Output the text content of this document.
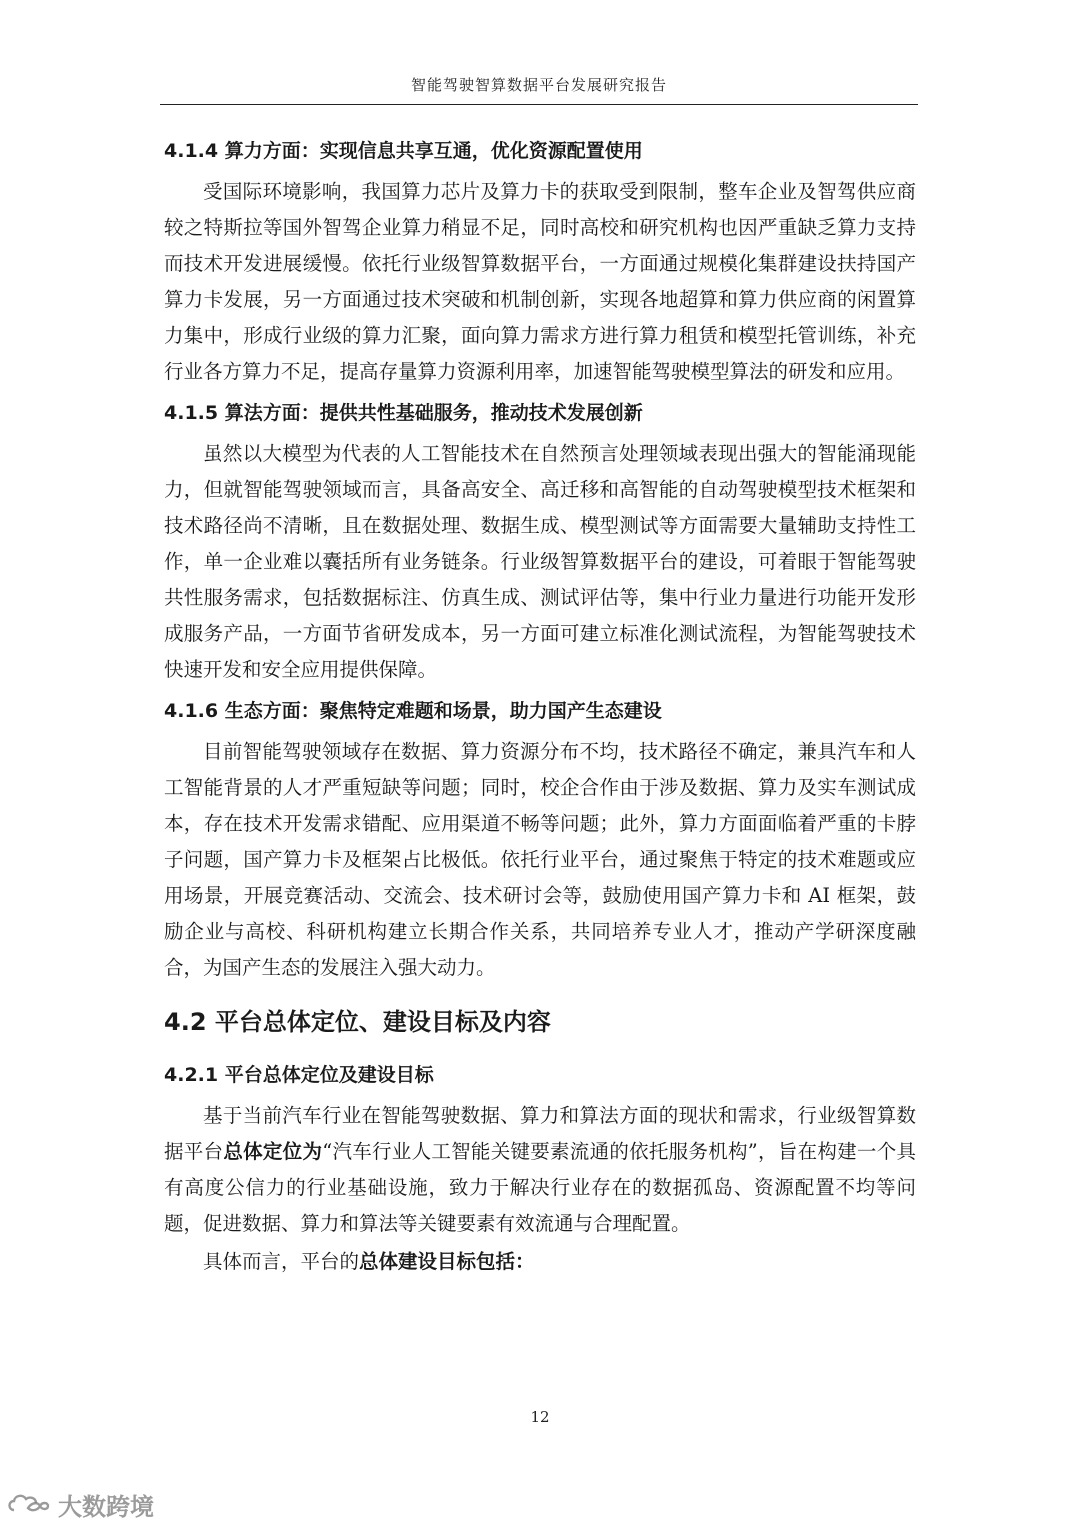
智能驾驶智算数据平台发展研究报告
4.1.4 算力方面：实现信息共享互通，优化资源配置使用

受国际环境影响，我国算力芯片及算力卡的获取受到限制，整车企业及智驾供应商较之特斯拉等国外智驾企业算力稍显不足，同时高校和研究机构也因严重缺乏算力支持而技术开发进展缓慢。依托行业级智算数据平台，一方面通过规模化集群建设扶持国产算力卡发展，另一方面通过技术突破和机制创新，实现各地超算和算力供应商的闲置算力集中，形成行业级的算力汇聚，面向算力需求方进行算力租赁和模型托管训练，补充行业各方算力不足，提高存量算力资源利用率，加速智能驾驶模型算法的研发和应用。

4.1.5 算法方面：提供共性基础服务，推动技术发展创新

虽然以大模型为代表的人工智能技术在自然预言处理领域表现出强大的智能涌现能力，但就智能驾驶领域而言，具备高安全、高迁移和高智能的自动驾驶模型技术框架和技术路径尚不清晰，且在数据处理、数据生成、模型测试等方面需要大量辅助支持性工作，单一企业难以囊括所有业务链条。行业级智算数据平台的建设，可着眼于智能驾驶共性服务需求，包括数据标注、仿真生成、测试评估等，集中行业力量进行功能开发形成服务产品，一方面节省研发成本，另一方面可建立标准化测试流程，为智能驾驶技术快速开发和安全应用提供保障。

4.1.6 生态方面：聚焦特定难题和场景，助力国产生态建设

目前智能驾驶领域存在数据、算力资源分布不均，技术路径不确定，兼具汽车和人工智能背景的人才严重短缺等问题；同时，校企合作由于涉及数据、算力及实车测试成本，存在技术开发需求错配、应用渠道不畅等问题；此外，算力方面面临着严重的卡脖子问题，国产算力卡及框架占比极低。依托行业平台，通过聚焦于特定的技术难题或应用场景，开展竞赛活动、交流会、技术研讨会等，鼓励使用国产算力卡和 AI 框架，鼓励企业与高校、科研机构建立长期合作关系，共同培养专业人才，推动产学研深度融合，为国产生态的发展注入强大动力。

4.2 平台总体定位、建设目标及内容
4.2.1 平台总体定位及建设目标

基于当前汽车行业在智能驾驶数据、算力和算法方面的现状和需求，行业级智算数据平台总体定位为“汽车行业人工智能关键要素流通的依托服务机构”，旨在构建一个具有高度公信力的行业基础设施，致力于解决行业存在的数据孤岛、资源配置不均等问题，促进数据、算力和算法等关键要素有效流通与合理配置。

具体而言，平台的总体建设目标包括：

12
大数跨境
